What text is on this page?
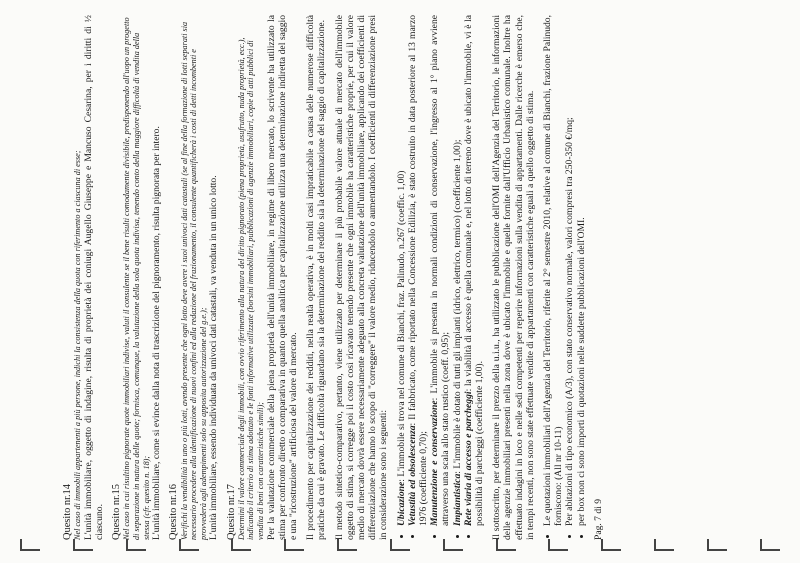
Quesito nr.14 Nel caso di immobili appartenenti a più persone, indichi la consistenza della quota con riferimento a ciascuna di esse; L'unità immobiliare, oggetto di indagine, risulta di proprietà dei coniugi Augello Giuseppe e Mancuso Cesarina, per i diritti di ½ ciascuno. Quesito nr.15 Nel caso in cui risultino pignorate quote immobiliari indivise, valuti il consulente se il bene risulti comodamente divisibile, predisponendo all'uopo un progetto di separazione in natura delle quote; fornisca, comunque, la valutazione della sola quota indivisa, tenendo conto della maggiore difficoltà di vendita della stessa (cfr. quesito n. 18); L'unità immobiliare, come si evince dalla nota di trascrizione del pignoramento, risulta pignorata per intero. Quesito nr.16 Verifichi la vendibilità in uno o più lotti, avendo presente che ogni lotto deve avere i suoi univoci dati catastali (se al fine della formazione di lotti separati sia necessario procedere alla identificazione di nuovi confini ed alla redazione del frazionamento, il consulente quantificherà i costi di detti incombenti e provvederà agli adempimenti solo su apposita autorizzazione del g.e.); L'unità immobiliare, essendo individuata da univoci dati catastali, va venduta in un unico lotto. Quesito nr.17 Determini il valore commerciale degli immobili, con ovvio riferimento alla natura del diritto pignorato (piena proprietà, usufrutto, nuda proprietà, ecc.), indicando il criterio di stima adottato e le fonti informative utilizzate (borsini immobiliari, pubblicazioni di agenzie immobiliari, copie di atti pubblici di vendita di beni con caratteristiche simili); Per la valutazione commerciale della piena proprietà dell'unità immobiliare, in regime di libero mercato, lo scrivente ha utilizzato la stima per confronto diretto o comparativa in quanto quella analitica per capitalizzazione utilizza una determinazione indiretta del saggio e una "ricostruzione" artificiosa del valore di mercato. Il procedimento per capitalizzazione dei redditi, nella realtà operativa, è in molti casi impraticabile a causa delle numerose difficoltà pratiche da cui è gravato. Le difficoltà riguardano sia la determinazione del reddito sia la determinazione del saggio di capitalizzazione. Il metodo sintetico-comparativo, pertanto, viene utilizzato per determinare il più probabile valore attuale di mercato dell'immobile oggetto di stima, si corregge poi il costo così ricavato tenendo presente che ogni immobile ha caratteristiche proprie, per cui il valore medio di mercato dovrà essere necessariamente adeguato alla concreta valutazione dell'unità immobiliare, applicando dei coefficienti di differenziazione che hanno lo scopo di "correggere" il valore medio, riducendolo o aumentandolo. I coefficienti di differenziazione presi in considerazione sono i seguenti: • Ubicazione: L'immobile si trova nel comune di Bianchi, fraz. Palinudo, n.267 (coeffic. 1,00) • Vetustità ed obsolescenza: Il fabbricato, come riportato nella Concessione Edilizia, è stato costruito in data posteriore al 13 marzo 1976 (coefficiente 0,70); • Manutenzione e conservazione: L'immobile si presenta in normali condizioni di conservazione, l'ingresso al 1° piano avviene attraverso una scala allo stato rustico (coeff. 0,95); • Impiantistica: L'immobile è dotato di tutti gli impianti (idrico, elettrico, termico) (coefficiente 1,00); • Rete viaria di accesso e parcheggi: la viabilità di accesso è quella comunale e, nel lotto di terreno dove è ubicato l'immobile, vi è la possibilità di parcheggi (coefficiente 1,00). Il sottoscritto, per determinare il prezzo della u.i.u., ha utilizzato le pubblicazione dell'OMI dell'Agenzia del Territorio, le informazioni delle agenzie immobiliari presenti nella zona dove è ubicato l'immobile e quelle fornite dall'Ufficio Urbanistico comunale. Inoltre ha effettuato indagini in loco e nelle sedi competenti per reperire informazioni sulla vendita di appartamenti. Dalle ricerche è emerso che, in tempi recenti, non sono state effettuate vendite di appartamenti con caratteristiche eguali a quello oggetto di stima. • Le quotazioni immobiliari dell'Agenzia del Territorio, riferite al 2° semestre 2010, relative al comune di Bianchi, frazione Palinudo, forniscono: (All nr 10-11) • Per abitazioni di tipo economico (A/3), con stato conservativo normale, valori compresi tra 250-350 €/mq; • per box non ci sono importi di quotazioni nelle suddette pubblicazioni dell'OMI. Pag. 7 di 9
